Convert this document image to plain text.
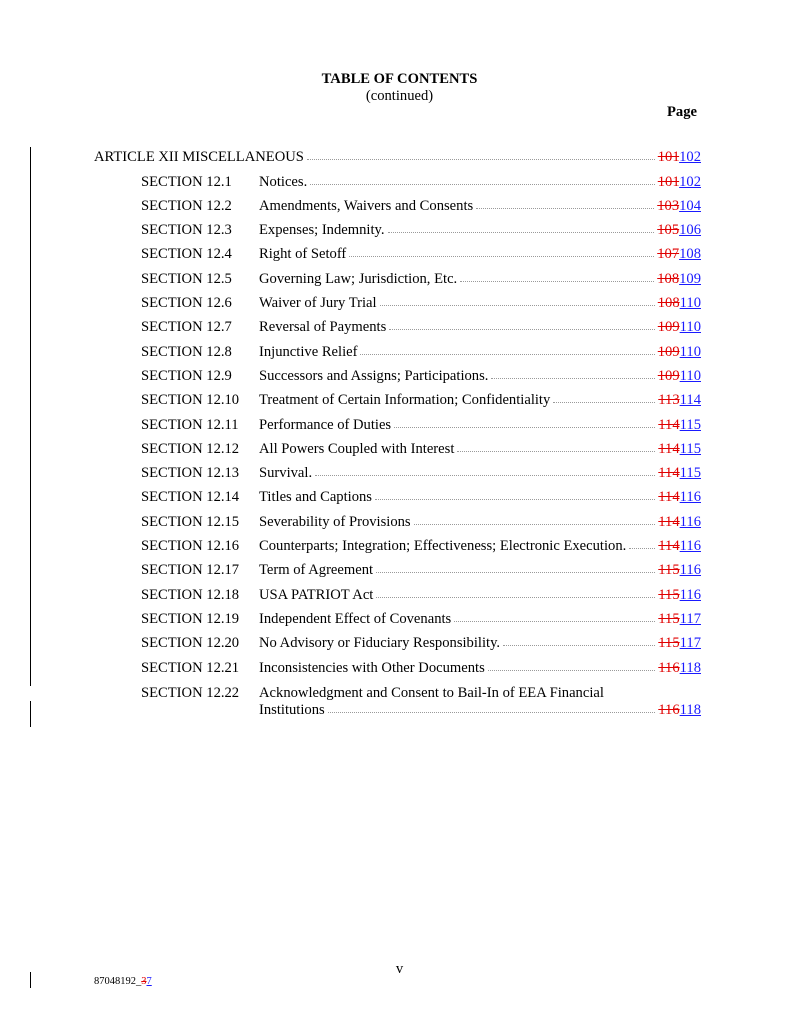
TABLE OF CONTENTS
(continued)
Page
ARTICLE XII MISCELLANEOUS	101102
SECTION 12.1 Notices.	101102
SECTION 12.2 Amendments, Waivers and Consents	103104
SECTION 12.3 Expenses; Indemnity.	105106
SECTION 12.4 Right of Setoff	107108
SECTION 12.5 Governing Law; Jurisdiction, Etc.	108109
SECTION 12.6 Waiver of Jury Trial	108110
SECTION 12.7 Reversal of Payments	109110
SECTION 12.8 Injunctive Relief	109110
SECTION 12.9 Successors and Assigns; Participations.	109110
SECTION 12.10 Treatment of Certain Information; Confidentiality	113114
SECTION 12.11 Performance of Duties	114115
SECTION 12.12 All Powers Coupled with Interest	114115
SECTION 12.13 Survival.	114115
SECTION 12.14 Titles and Captions	114116
SECTION 12.15 Severability of Provisions	114116
SECTION 12.16 Counterparts; Integration; Effectiveness; Electronic Execution. 114116
SECTION 12.17 Term of Agreement	115116
SECTION 12.18 USA PATRIOT Act	115116
SECTION 12.19 Independent Effect of Covenants	115117
SECTION 12.20 No Advisory or Fiduciary Responsibility.	115117
SECTION 12.21 Inconsistencies with Other Documents	116118
SECTION 12.22 Acknowledgment and Consent to Bail-In of EEA Financial
Institutions	116118
v
87048192_37
